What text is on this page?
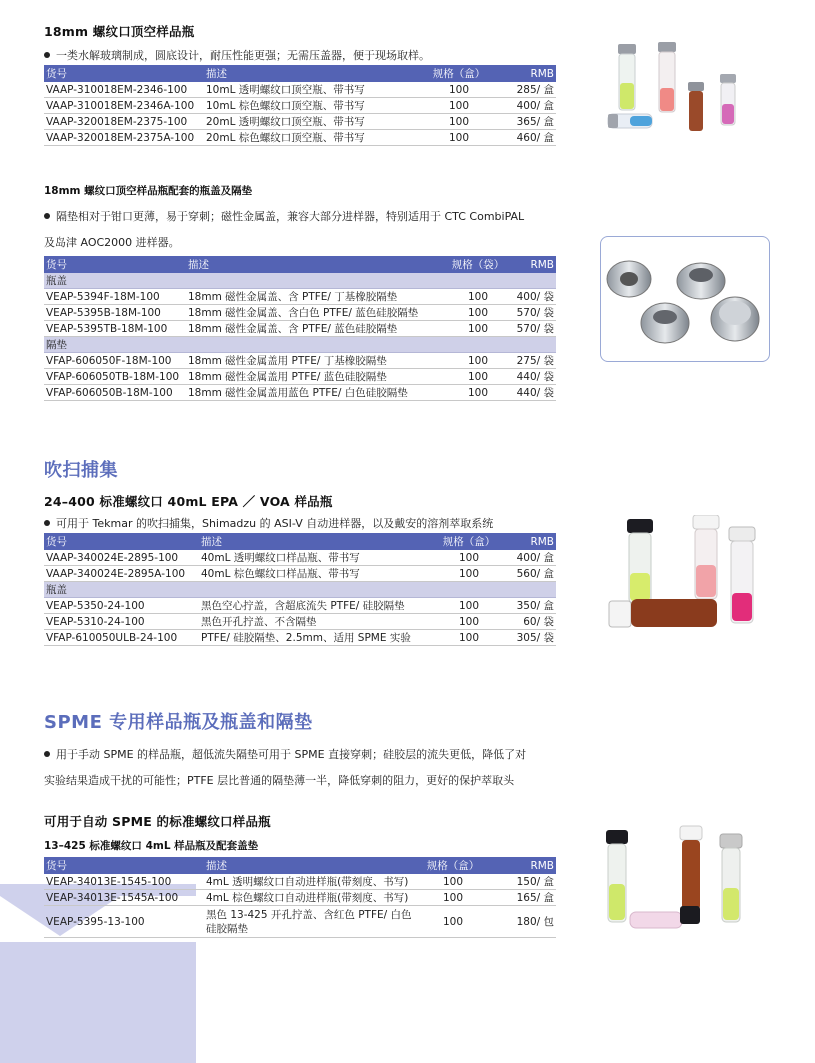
18mm 螺纹口顶空样品瓶
一类水解玻璃制成，圆底设计，耐压性能更强；无需压盖器，便于现场取样。
货号	描述	规格（盒）	RMB
VAAP-310018EM-2346-100	10mL 透明螺纹口顶空瓶、带书写	100	285/ 盒
VAAP-310018EM-2346A-100	10mL 棕色螺纹口顶空瓶、带书写	100	400/ 盒
VAAP-320018EM-2375-100	20mL 透明螺纹口顶空瓶、带书写	100	365/ 盒
VAAP-320018EM-2375A-100	20mL 棕色螺纹口顶空瓶、带书写	100	460/ 盒
18mm 螺纹口顶空样品瓶配套的瓶盖及隔垫
隔垫相对于钳口更薄，易于穿刺；磁性金属盖，兼容大部分进样器，特别适用于 CTC CombiPAL
及岛津 AOC2000 进样器。
货号	描述	规格（袋）	RMB
瓶盖			
VEAP-5394F-18M-100	18mm 磁性金属盖、含 PTFE/ 丁基橡胶隔垫	100	400/ 袋
VEAP-5395B-18M-100	18mm 磁性金属盖、含白色 PTFE/ 蓝色硅胶隔垫	100	570/ 袋
VEAP-5395TB-18M-100	18mm 磁性金属盖、含 PTFE/ 蓝色硅胶隔垫	100	570/ 袋
隔垫			
VFAP-606050F-18M-100	18mm 磁性金属盖用 PTFE/ 丁基橡胶隔垫	100	275/ 袋
VFAP-606050TB-18M-100	18mm 磁性金属盖用 PTFE/ 蓝色硅胶隔垫	100	440/ 袋
VFAP-606050B-18M-100	18mm 磁性金属盖用蓝色 PTFE/ 白色硅胶隔垫	100	440/ 袋
吹扫捕集
24–400 标准螺纹口 40mL EPA ／ VOA 样品瓶
可用于 Tekmar 的吹扫捕集，Shimadzu 的 ASI-V 自动进样器，以及戴安的溶剂萃取系统
货号	描述	规格（盒）	RMB
VAAP-340024E-2895-100	40mL 透明螺纹口样品瓶、带书写	100	400/ 盒
VAAP-340024E-2895A-100	40mL 棕色螺纹口样品瓶、带书写	100	560/ 盒
瓶盖			
VEAP-5350-24-100	黑色空心拧盖，含超底流失 PTFE/ 硅胶隔垫	100	350/ 盒
VEAP-5310-24-100	黑色开孔拧盖、不含隔垫	100	60/ 袋
VFAP-610050ULB-24-100	PTFE/ 硅胶隔垫、2.5mm、适用 SPME 实验	100	305/ 袋
SPME 专用样品瓶及瓶盖和隔垫
用于手动 SPME 的样品瓶，超低流失隔垫可用于 SPME 直接穿刺；硅胶层的流失更低，降低了对
实验结果造成干扰的可能性；PTFE 层比普通的隔垫薄一半，降低穿刺的阻力，更好的保护萃取头
可用于自动 SPME 的标准螺纹口样品瓶
13–425 标准螺纹口 4mL 样品瓶及配套盖垫
货号	描述	规格（盒）	RMB
VEAP-34013E-1545-100	4mL 透明螺纹口自动进样瓶(带刻度、书写)	100	150/ 盒
VEAP-34013E-1545A-100	4mL 棕色螺纹口自动进样瓶(带刻度、书写)	100	165/ 盒
VEAP-5395-13-100	黑色 13-425 开孔拧盖、含红色 PTFE/ 白色硅胶隔垫	100	180/ 包
